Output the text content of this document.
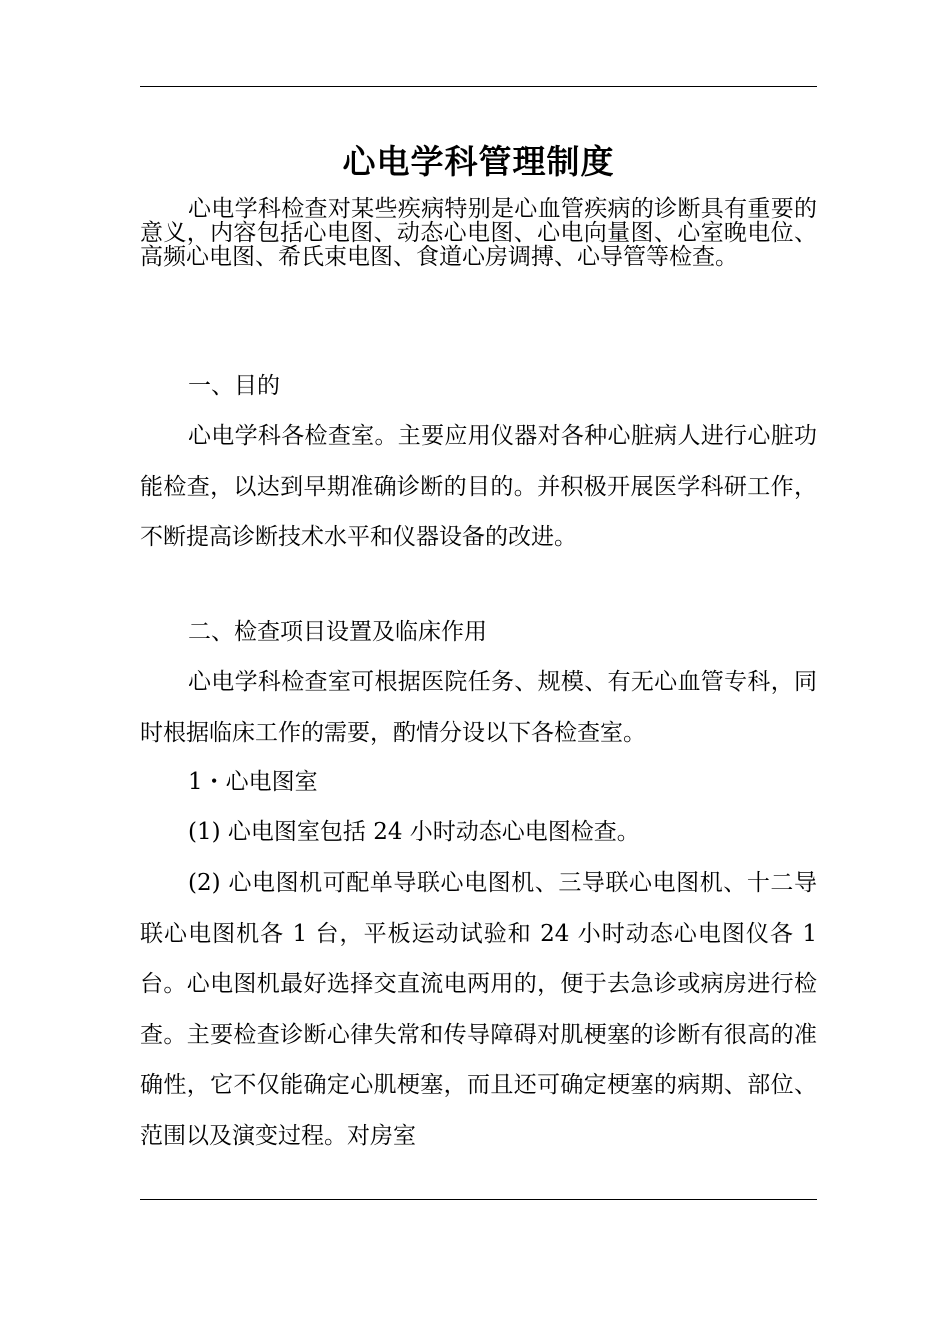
心电学科管理制度

心电学科检查对某些疾病特别是心血管疾病的诊断具有重要的意义，内容包括心电图、动态心电图、心电向量图、心室晚电位、高频心电图、希氏束电图、食道心房调搏、心导管等检查。

一、目的

心电学科各检查室。主要应用仪器对各种心脏病人进行心脏功能检查，以达到早期准确诊断的目的。并积极开展医学科研工作，不断提高诊断技术水平和仪器设备的改进。

二、检查项目设置及临床作用

心电学科检查室可根据医院任务、规模、有无心血管专科，同时根据临床工作的需要，酌情分设以下各检查室。

1・心电图室

(1) 心电图室包括 24 小时动态心电图检查。

(2) 心电图机可配单导联心电图机、三导联心电图机、十二导联心电图机各 1 台，平板运动试验和 24 小时动态心电图仪各 1 台。心电图机最好选择交直流电两用的，便于去急诊或病房进行检查。主要检查诊断心律失常和传导障碍对肌梗塞的诊断有很高的准确性，它不仅能确定心肌梗塞，而且还可确定梗塞的病期、部位、范围以及演变过程。对房室
